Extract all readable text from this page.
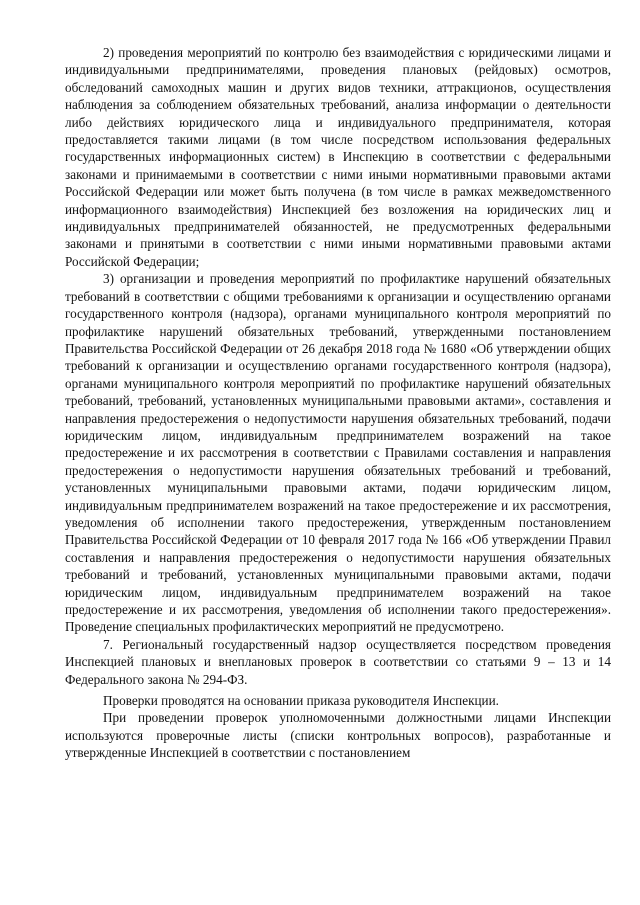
2) проведения мероприятий по контролю без взаимодействия с юридическими лицами и индивидуальными предпринимателями, проведения плановых (рейдовых) осмотров, обследований самоходных машин и других видов техники, аттракционов, осуществления наблюдения за соблюдением обязательных требований, анализа информации о деятельности либо действиях юридического лица и индивидуального предпринимателя, которая предоставляется такими лицами (в том числе посредством использования федеральных государственных информационных систем) в Инспекцию в соответствии с федеральными законами и принимаемыми в соответствии с ними иными нормативными правовыми актами Российской Федерации или может быть получена (в том числе в рамках межведомственного информационного взаимодействия) Инспекцией без возложения на юридических лиц и индивидуальных предпринимателей обязанностей, не предусмотренных федеральными законами и принятыми в соответствии с ними иными нормативными правовыми актами Российской Федерации;

3) организации и проведения мероприятий по профилактике нарушений обязательных требований в соответствии с общими требованиями к организации и осуществлению органами государственного контроля (надзора), органами муниципального контроля мероприятий по профилактике нарушений обязательных требований, утвержденными постановлением Правительства Российской Федерации от 26 декабря 2018 года № 1680 «Об утверждении общих требований к организации и осуществлению органами государственного контроля (надзора), органами муниципального контроля мероприятий по профилактике нарушений обязательных требований, требований, установленных муниципальными правовыми актами», составления и направления предостережения о недопустимости нарушения обязательных требований, подачи юридическим лицом, индивидуальным предпринимателем возражений на такое предостережение и их рассмотрения в соответствии с Правилами составления и направления предостережения о недопустимости нарушения обязательных требований и требований, установленных муниципальными правовыми актами, подачи юридическим лицом, индивидуальным предпринимателем возражений на такое предостережение и их рассмотрения, уведомления об исполнении такого предостережения, утвержденным постановлением Правительства Российской Федерации от 10 февраля 2017 года № 166 «Об утверждении Правил составления и направления предостережения о недопустимости нарушения обязательных требований и требований, установленных муниципальными правовыми актами, подачи юридическим лицом, индивидуальным предпринимателем возражений на такое предостережение и их рассмотрения, уведомления об исполнении такого предостережения». Проведение специальных профилактических мероприятий не предусмотрено.

7. Региональный государственный надзор осуществляется посредством проведения Инспекцией плановых и внеплановых проверок в соответствии со статьями 9 – 13 и 14 Федерального закона № 294-ФЗ.

Проверки проводятся на основании приказа руководителя Инспекции.

При проведении проверок уполномоченными должностными лицами Инспекции используются проверочные листы (списки контрольных вопросов), разработанные и утвержденные Инспекцией в соответствии с постановлением
